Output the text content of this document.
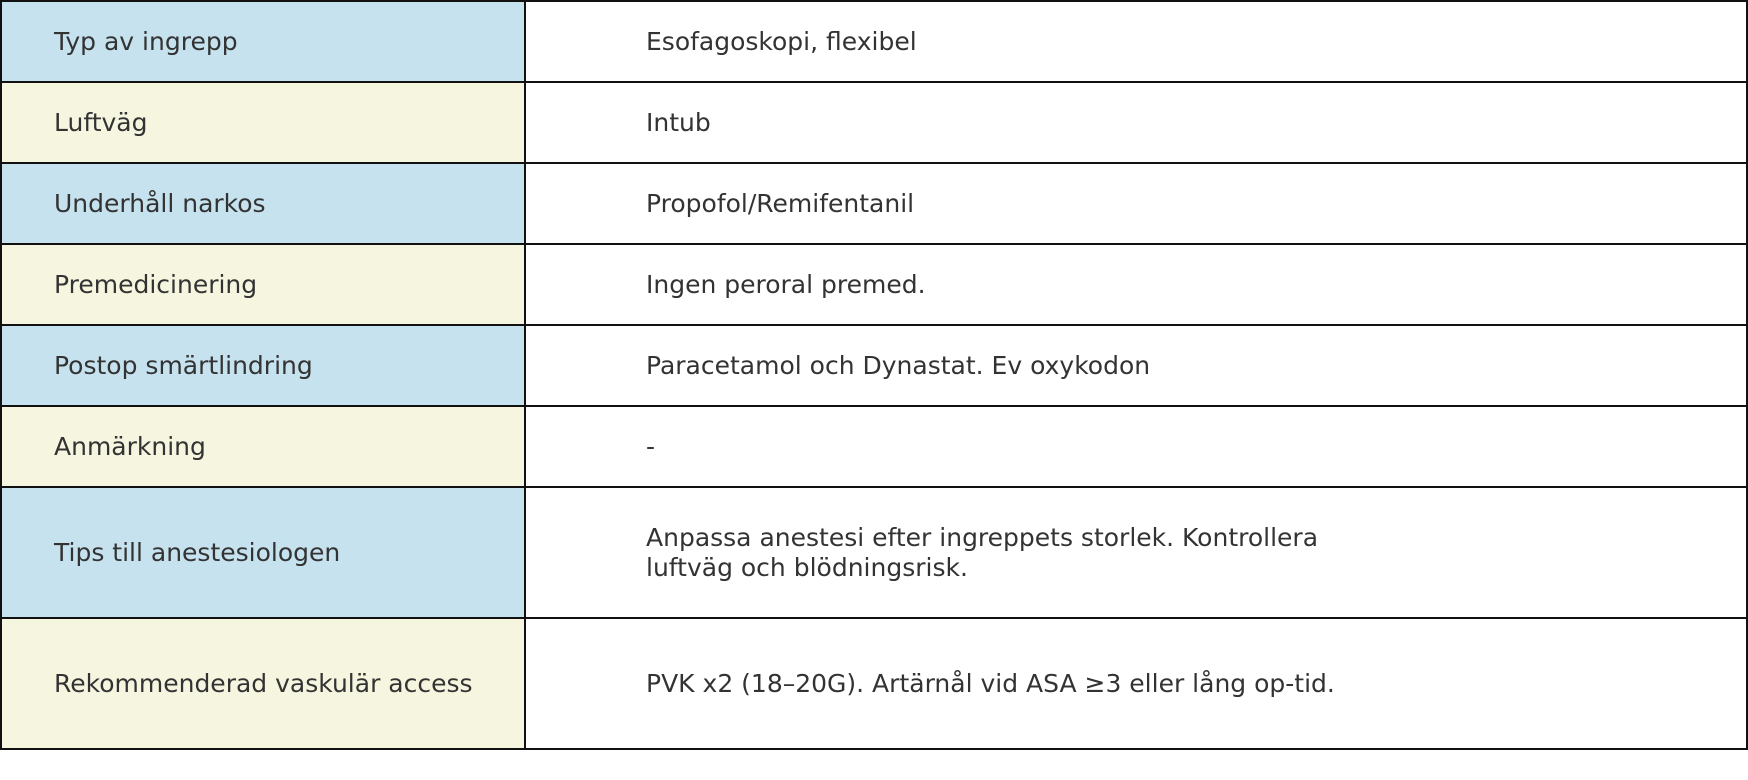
Typ av ingrepp	Esofagoskopi, flexibel
Luftväg	Intub
Underhåll narkos	Propofol/Remifentanil
Premedicinering	Ingen peroral premed.
Postop smärtlindring	Paracetamol och Dynastat. Ev oxykodon
Anmärkning	-
Tips till anestesiologen	Anpassa anestesi efter ingreppets storlek. Kontrollera luftväg och blödningsrisk.
Rekommenderad vaskulär access	PVK x2 (18–20G). Artärnål vid ASA ≥3 eller lång op-tid.
